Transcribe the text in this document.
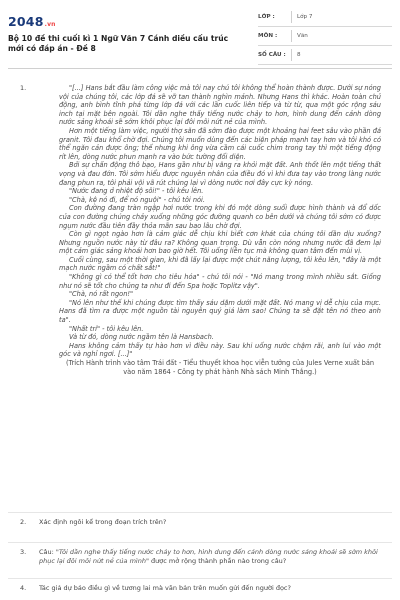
2048.vn
Bộ 10 đề thi cuối kì 1 Ngữ Văn 7 Cánh diều cấu trúc mới có đáp án - Đề 8
LỚP :	Lớp 7
MÔN :	Văn
SỐ CÂU : 8
1.	"[...] Hans bắt đầu làm công việc mà tôi nay chú tôi không thể hoàn thành được. Dưới sự nóng vội của chúng tôi, các lớp đá sẽ vỡ tan thành nghìn mảnh. Nhưng Hans thì khác. Hoàn toàn chủ động, anh bình tĩnh phá từng lớp đá với các lần cuốc liên tiếp và từ từ, qua một góc rộng sáu inch tại mặt bên ngoài. Tôi dần nghe thấy tiếng nước chảy to hơn, hình dung đến cảnh dòng nước sảng khoái sẽ sớm khôi phục lại đôi môi nứt nẻ của mình.

Hơn một tiếng làm việc, người thợ săn đã sớm đào được một khoảng hai feet sâu vào phần đá granit. Tôi đau khổ chờ đợi. Chúng tôi muốn dùng đến các biện pháp mạnh tay hơn và tôi khó có thể ngăn cản được ông; thế nhưng khi ông vừa cầm cái cuốc chim trong tay thì một tiếng động rít lên, dòng nước phun mạnh ra vào bức tường đối diện.

Bởi sự chấn động thô bạo, Hans gần như bị văng ra khỏi mặt đất. Anh thốt lên một tiếng thất vọng và đau đớn. Tôi sớm hiểu được nguyên nhân của điều đó vì khi đưa tay vào trong làng nước đang phun ra, tôi phải vội vã rút chúng lại vì dòng nước nơi đây cực kỳ nóng.

"Nước đang ở nhiệt độ sôi!" - tôi kêu lên.

"Chà, kệ nó đi, để nó nguội" - chú tôi nói.

Con đường đang tràn ngập hơi nước trong khi đó một dòng suối được hình thành và đổ dốc của con đường chúng chảy xuống những góc đường quanh co bên dưới và chúng tôi sớm có được ngụm nước đầu tiên đầy thỏa mãn sau bao lâu chờ đợi.

Còn gì ngọt ngào hơn là cảm giác dễ chịu khi biết cơn khát của chúng tôi dần dịu xuống? Nhưng nguồn nước này từ đâu ra? Không quan trọng. Dù vẫn còn nóng nhưng nước đã đem lại một cảm giác sảng khoái hơn bao giờ hết. Tôi uống liền tục mà không quan tâm đến mùi vị.

Cuối cùng, sau một thời gian, khi đã lấy lại được một chút năng lượng, tôi kêu lên, "đây là một mạch nước ngầm có chất sắt!"

"Không gì có thể tốt hơn cho tiêu hóa" - chú tôi nói - "Nó mang trong mình nhiều sắt. Giống như nó sẽ tốt cho chúng ta như đi đến Spa hoặc Toplitz vậy".

"Chà, nó rất ngon!"

"Nó lên như thế khi chúng được tìm thấy sáu dặm dưới mặt đất. Nó mang vị dễ chịu của mực. Hans đã tìm ra được một nguồn tài nguyên quý giá làm sao! Chúng ta sẽ đặt tên nó theo anh ta".

"Nhất trí" - tôi kêu lên.

Và từ đó, dòng nước ngầm tên là Hansbach.

Hans không cảm thấy tự hào hơn vì điều này. Sau khi uống nước chậm rãi, anh lui vào một góc và nghỉ ngơi. [...]"

(Trích Hành trình vào tâm Trái đất - Tiểu thuyết khoa học viễn tưởng của Jules Verne xuất bản vào năm 1864 - Công ty phát hành Nhà sách Minh Thắng.)

2. Xác định ngôi kể trong đoạn trích trên?
3. Câu: "Tôi dần nghe thấy tiếng nước chảy to hơn, hình dung đến cảnh dòng nước sảng khoái sẽ sớm khôi phục lại đôi môi nứt nẻ của mình" được mở rộng thành phần nào trong câu?
4. Tác giả dự báo điều gì về tương lai mà văn bản trên muốn gửi đến người đọc?
